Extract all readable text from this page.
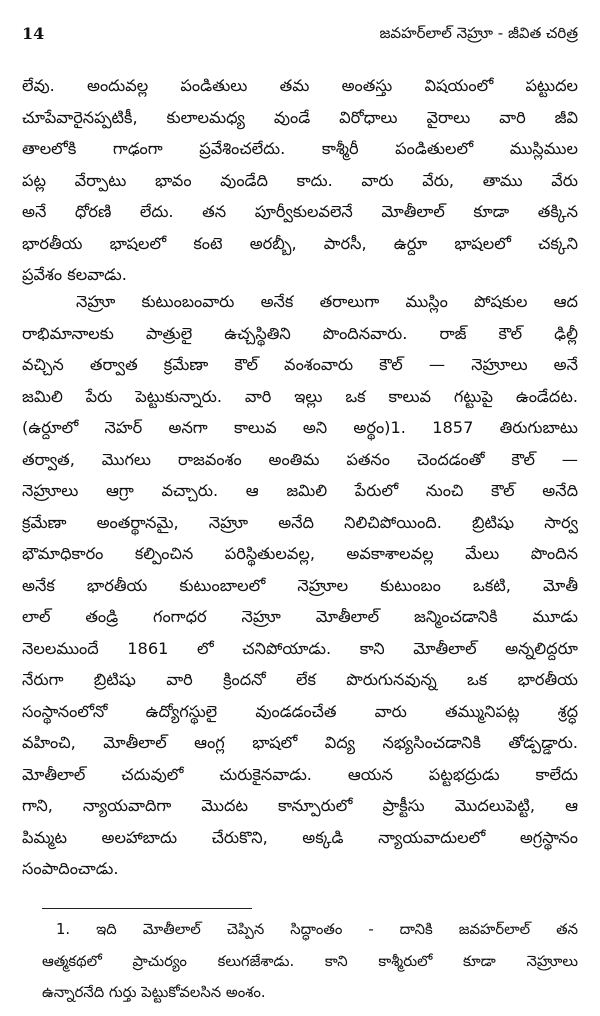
14	జవహర్‌లాల్ నెహ్రూ - జీవిత చరిత్ర
లేవు. అందువల్ల పండితులు తమ అంతస్తు విషయంలో పట్టుదల
చూపేవారైనప్పటికీ, కులాలమధ్య వుండే విరోధాలు వైరాలు వారి జీవి
తాలలోకి గాఢంగా ప్రవేశించలేదు. కాశ్మీరీ పండితులలో ముస్లిముల
పట్ల వేర్పాటు భావం వుండేది కాదు. వారు వేరు, తాము వేరు
అనే ధోరణి లేదు. తన పూర్వీకులవలెనే మోతీలాల్ కూడా తక్కిన
భారతీయ భాషలలో కంటె అరబ్బీ, పారసీ, ఉర్దూ భాషలలో చక్కని
ప్రవేశం కలవాడు.
నెహ్రూ కుటుంబంవారు అనేక తరాలుగా ముస్లిం పోషకుల ఆద
రాభిమానాలకు పాత్రులై ఉచ్చస్థితిని పొందినవారు. రాజ్ కౌల్ ఢిల్లీ
వచ్చిన తర్వాత క్రమేణా కౌల్ వంశంవారు కౌల్ — నెహ్రూలు అనే
జమిలి పేరు పెట్టుకున్నారు. వారి ఇల్లు ఒక కాలువ గట్టుపై ఉండేదట.
(ఉర్దూలో నెహర్ అనగా కాలువ అని అర్థం)1. 1857 తిరుగుబాటు
తర్వాత, మొగలు రాజవంశం అంతిమ పతనం చెందడంతో కౌల్ —
నెహ్రూలు ఆగ్రా వచ్చారు. ఆ జమిలి పేరులో నుంచి కౌల్ అనేది
క్రమేణా అంతర్థానమై, నెహ్రూ అనేది నిలిచిపోయింది. బ్రిటిషు సార్వ
భౌమాధికారం కల్పించిన పరిస్థితులవల్ల, అవకాశాలవల్ల మేలు పొందిన
అనేక భారతీయ కుటుంబాలలో నెహ్రూల కుటుంబం ఒకటి, మోతీ
లాల్ తండ్రి గంగాధర నెహ్రూ మోతీలాల్ జన్మించడానికి మూడు
నెలలముందే 1861 లో చనిపోయాడు. కాని మోతీలాల్ అన్నలిద్దరూ
నేరుగా బ్రిటిషు వారి క్రిందనో లేక పొరుగునవున్న ఒక భారతీయ
సంస్థానంలోనో ఉద్యోగస్థులై వుండడంచేత వారు తమ్మునిపట్ల శ్రద్ధ
వహించి, మోతీలాల్ ఆంగ్ల భాషలో విద్య నభ్యసించడానికి తోడ్పడ్డారు.
మోతీలాల్ చదువులో చురుకైనవాడు. ఆయన పట్టభద్రుడు కాలేదు
గాని, న్యాయవాదిగా మొదట కాన్పూరులో ప్రాక్టీసు మొదలుపెట్టి, ఆ
పిమ్మట అలహాబాదు చేరుకొని, అక్కడి న్యాయవాదులలో అగ్రస్థానం
సంపాదించాడు.
1. ఇది మోతీలాల్ చెప్పిన సిద్ధాంతం - దానికి జవహర్‌లాల్ తన
ఆత్మకథలో ప్రాచుర్యం కలుగజేశాడు. కాని కాశ్మీరులో కూడా నెహ్రూలు
ఉన్నారనేది గుర్తు పెట్టుకోవలసిన అంశం.
